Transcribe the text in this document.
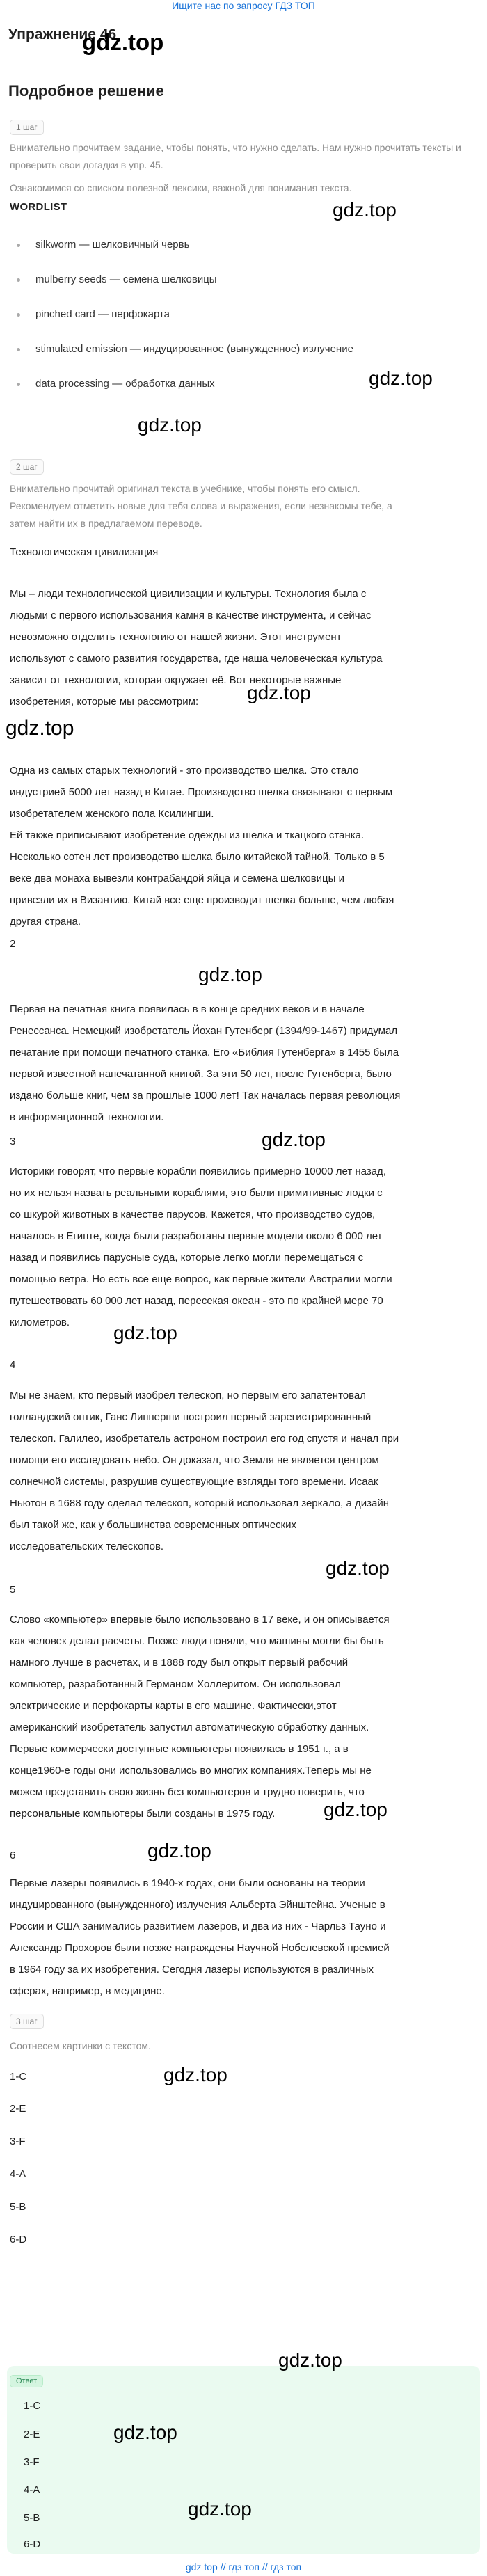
Ищите нас по запросу ГДЗ ТОП
Упражнение 46
gdz.top
Подробное решение
1 шаг

Внимательно прочитаем задание, чтобы понять, что нужно сделать. Нам нужно прочитать тексты и проверить свои догадки в упр. 45.

Ознакомимся со списком полезной лексики, важной для понимания текста.

WORDLIST	gdz.top
silkworm — шелковичный червь
mulberry seeds — семена шелковицы
pinched card — перфокарта
stimulated emission — индуцированное (вынужденное) излучение
data processing — обработка данных	gdz.top
gdz.top
2 шаг

Внимательно прочитай оригинал текста в учебнике, чтобы понять его смысл.

Рекомендуем отметить новые для тебя слова и выражения, если незнакомы тебе, а

затем найти их в предлагаемом переводе.

Технологическая цивилизация

Мы – люди технологической цивилизации и культуры. Технология была с

людьми с первого использования камня в качестве инструмента, и сейчас

невозможно отделить технологию от нашей жизни. Этот инструмент

используют с самого развития государства, где наша человеческая культура

зависит от технологии, которая окружает её. Вот некоторые важные

изобретения, которые мы рассмотрим:	gdz.top
gdz.top

Одна из самых старых технологий - это производство шелка. Это стало

индустрией 5000 лет назад в Китае. Производство шелка связывают с первым

изобретателем женского пола Ксилингши.

Ей также приписывают изобретение одежды из шелка и ткацкого станка.

Несколько сотен лет производство шелка было китайской тайной. Только в 5

веке два монаха вывезли контрабандой яйца и семена шелковицы и

привезли их в Византию. Китай все еще производит шелка больше, чем любая

другая страна.

2
gdz.top

Первая на печатная книга появилась в в конце средних веков и в начале

Ренессанса. Немецкий изобретатель Йохан Гутенберг (1394/99-1467) придумал

печатание при помощи печатного станка. Его «Библия Гутенберга» в 1455 была

первой известной напечатанной книгой. За эти 50 лет, после Гутенберга, было

издано больше книг, чем за прошлые 1000 лет! Так началась первая революция

в информационной технологии.

3	gdz.top

Историки говорят, что первые корабли появились примерно 10000 лет назад,

но их нельзя назвать реальными кораблями, это были примитивные лодки с

со шкурой животных в качестве парусов. Кажется, что производство судов,

началось в Египте, когда были разработаны первые модели около 6 000 лет

назад и появились парусные суда, которые легко могли перемещаться с

помощью ветра. Но есть все еще вопрос, как первые жители Австралии могли

путешествовать 60 000 лет назад, пересекая океан - это по крайней мере 70

километров.	gdz.top
4

Мы не знаем, кто первый изобрел телескоп, но первым его запатентовал

голландский оптик, Ганс Липперши построил первый зарегистрированный

телескоп. Галилео, изобретатель астроном построил его год спустя и начал при

помощи его исследовать небо. Он доказал, что Земля не является центром

солнечной системы, разрушив существующие взгляды того времени. Исаак

Ньютон в 1688 году сделал телескоп, который использовал зеркало, а дизайн

был такой же, как у большинства современных оптических

исследовательских телескопов.

gdz.top
5

Слово «компьютер» впервые было использовано в 17 веке, и он описывается

как человек делал расчеты. Позже люди поняли, что машины могли бы быть

намного лучше в расчетах, и в 1888 году был открыт первый рабочий

компьютер, разработанный Германом Холлеритом. Он использовал

электрические и перфокарты карты в его машине. Фактически,этот

американский изобретатель запустил автоматическую обработку данных.

Первые коммерчески доступные компьютеры появилась в 1951 г., а в

конце1960-е годы они использовались во многих компаниях.Теперь мы не

можем представить свою жизнь без компьютеров и трудно поверить, что

персональные компьютеры были созданы в 1975 году.	gdz.top
6	gdz.top

Первые лазеры появились в 1940-х годах, они были основаны на теории

индуцированного (вынужденного) излучения Альберта Эйнштейна. Ученые в

России и США занимались развитием лазеров, и два из них - Чарльз Тауно и

Александр Прохоров были позже награждены Научной Нобелевской премией

в 1964 году за их изобретения. Сегодня лазеры используются в различных

сферах, например, в медицине.

3 шаг

Соотнесем картинки с текстом.

1-C	gdz.top
2-E
3-F
4-A
5-B
6-D
gdz.top
Ответ
1-C
gdz.top
2-E
3-F
4-A
gdz.top
5-B
6-D
gdz top // гдз топ // гдз топ
